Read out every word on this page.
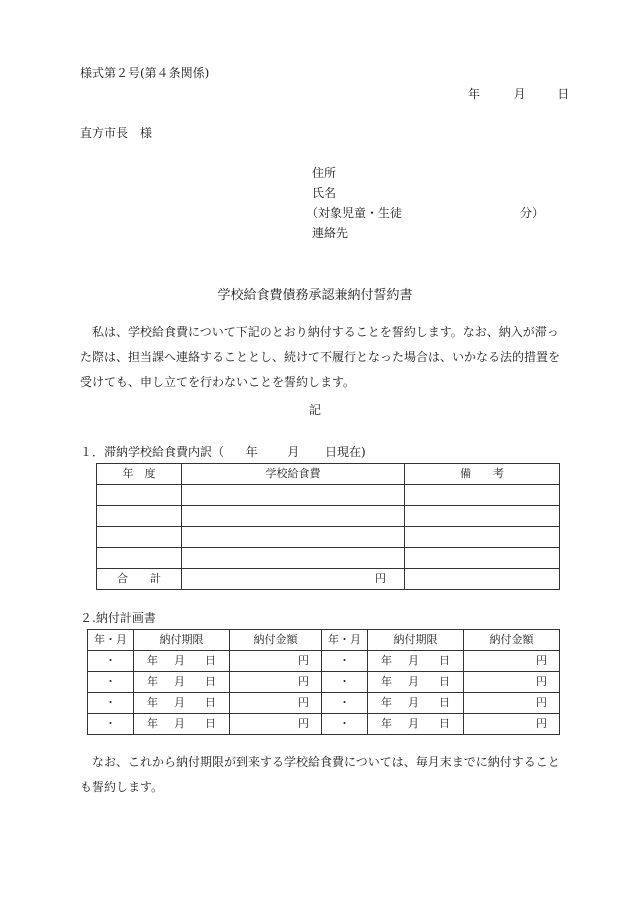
様式第２号(第４条関係)
年	月	日
直方市長　様
住所
氏名
（対象児童・生徒	分）
連絡先
学校給食費債務承認兼納付誓約書
私は、学校給食費について下記のとおり納付することを誓約します。なお、納入が滞った際は、担当課へ連絡することとし、続けて不履行となった場合は、いかなる法的措置を受けても、申し立てを行わないことを誓約します。
記
１．滞納学校給食費内訳（ 年 月 日現在)
年　度	学校給食費	備　　考

合　　計	円	
２.納付計画書
年・月	納付期限	納付金額	年・月	納付期限	納付金額
・	年 月 日	円	・	年 月 日	円
・	年 月 日	円	・	年 月 日	円
・	年 月 日	円	・	年 月 日	円
・	年 月 日	円	・	年 月 日	円
なお、これから納付期限が到来する学校給食費については、毎月末までに納付することも誓約します。
